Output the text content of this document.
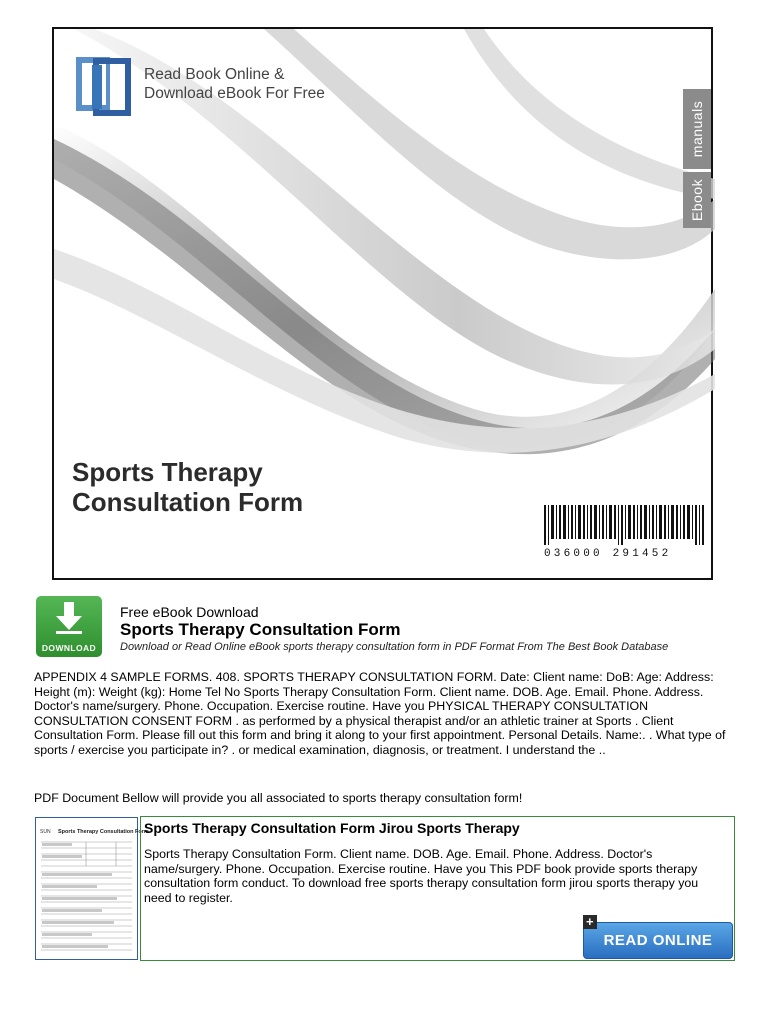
Read Book Online &
Download eBook For Free
manuals
Ebook
Sports Therapy
Consultation Form
036000 291452
DOWNLOAD
Free eBook Download
Sports Therapy Consultation Form
Download or Read Online eBook sports therapy consultation form in PDF Format From The Best Book Database
APPENDIX 4 SAMPLE FORMS. 408. SPORTS THERAPY CONSULTATION FORM. Date: Client name: DoB: Age: Address: Height (m): Weight (kg): Home Tel No Sports Therapy Consultation Form. Client name. DOB. Age. Email. Phone. Address. Doctor's name/surgery. Phone. Occupation. Exercise routine. Have you PHYSICAL THERAPY CONSULTATION CONSULTATION CONSENT FORM . as performed by a physical therapist and/or an athletic trainer at Sports . Client Consultation Form. Please fill out this form and bring it along to your first appointment. Personal Details. Name:. . What type of sports / exercise you participate in? . or medical examination, diagnosis, or treatment. I understand the ..
PDF Document Bellow will provide you all associated to sports therapy consultation form!
SUN Sports Therapy Consultation Form
Sports Therapy Consultation Form Jirou Sports Therapy
Sports Therapy Consultation Form. Client name. DOB. Age. Email. Phone. Address. Doctor's name/surgery. Phone. Occupation. Exercise routine. Have you This PDF book provide sports therapy consultation form conduct. To download free sports therapy consultation form jirou sports therapy you need to register.
+
READ ONLINE
